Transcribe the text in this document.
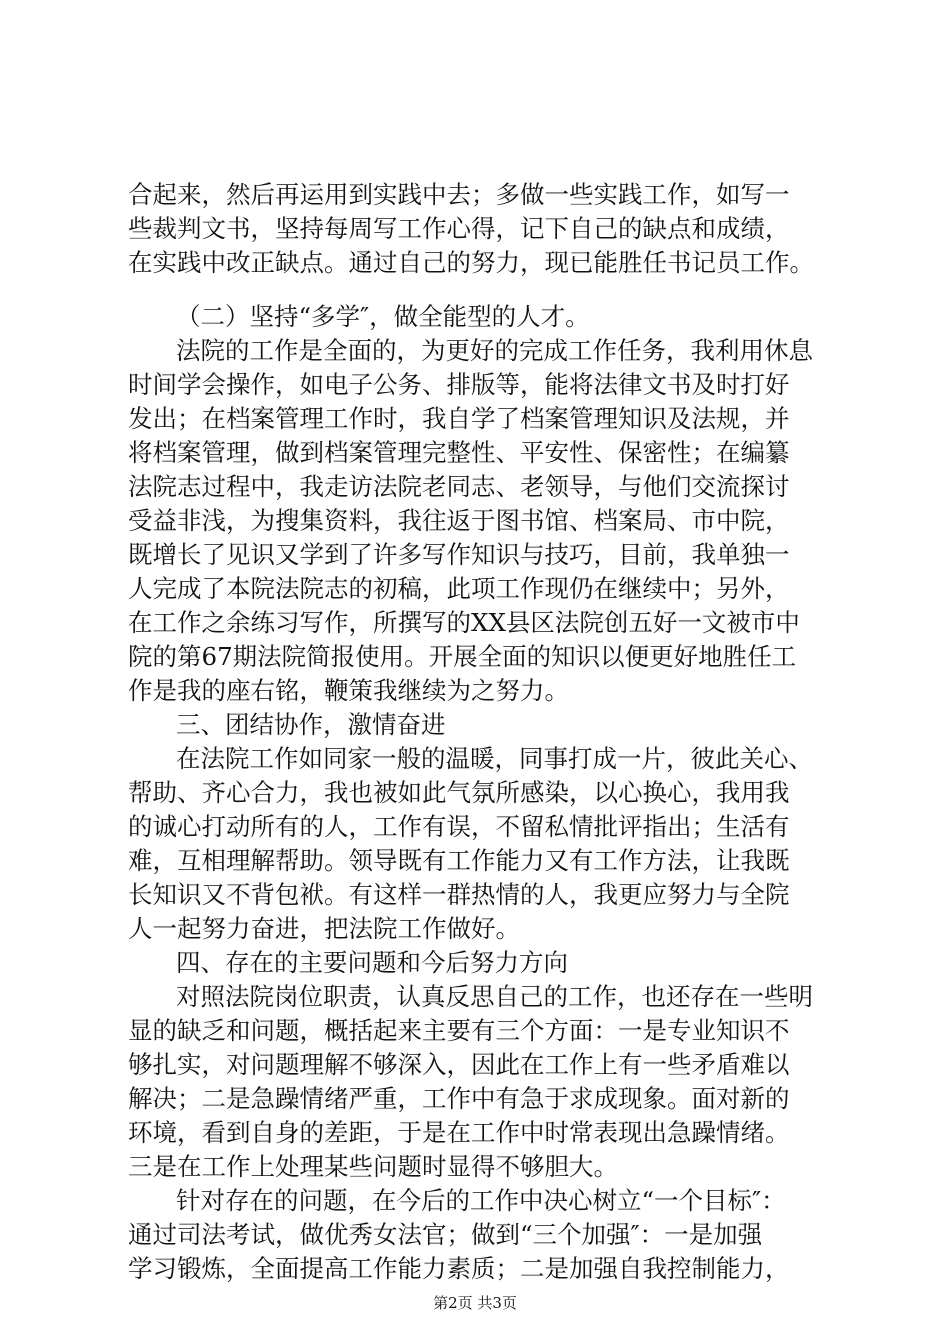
合起来，然后再运用到实践中去；多做一些实践工作，如写一
些裁判文书，坚持每周写工作心得，记下自己的缺点和成绩，
在实践中改正缺点。通过自己的努力，现已能胜任书记员工作。
（二）坚持“多学″，做全能型的人才。
法院的工作是全面的，为更好的完成工作任务，我利用休息
时间学会操作，如电子公务、排版等，能将法律文书及时打好
发出；在档案管理工作时，我自学了档案管理知识及法规，并
将档案管理，做到档案管理完整性、平安性、保密性；在编纂
法院志过程中，我走访法院老同志、老领导，与他们交流探讨
受益非浅，为搜集资料，我往返于图书馆、档案局、市中院，
既增长了见识又学到了许多写作知识与技巧，目前，我单独一
人完成了本院法院志的初稿，此项工作现仍在继续中；另外，
在工作之余练习写作，所撰写的XX县区法院创五好一文被市中
院的第67期法院简报使用。开展全面的知识以便更好地胜任工
作是我的座右铭，鞭策我继续为之努力。
三、团结协作，激情奋进
在法院工作如同家一般的温暖，同事打成一片，彼此关心、
帮助、齐心合力，我也被如此气氛所感染，以心换心，我用我
的诚心打动所有的人，工作有误，不留私情批评指出；生活有
难，互相理解帮助。领导既有工作能力又有工作方法，让我既
长知识又不背包袱。有这样一群热情的人，我更应努力与全院
人一起努力奋进，把法院工作做好。
四、存在的主要问题和今后努力方向
对照法院岗位职责，认真反思自己的工作，也还存在一些明
显的缺乏和问题，概括起来主要有三个方面：一是专业知识不
够扎实，对问题理解不够深入，因此在工作上有一些矛盾难以
解决；二是急躁情绪严重，工作中有急于求成现象。面对新的
环境，看到自身的差距，于是在工作中时常表现出急躁情绪。
三是在工作上处理某些问题时显得不够胆大。
针对存在的问题，在今后的工作中决心树立“一个目标″：
通过司法考试，做优秀女法官；做到“三个加强″：一是加强
学习锻炼，全面提高工作能力素质；二是加强自我控制能力，
第2页 共3页
